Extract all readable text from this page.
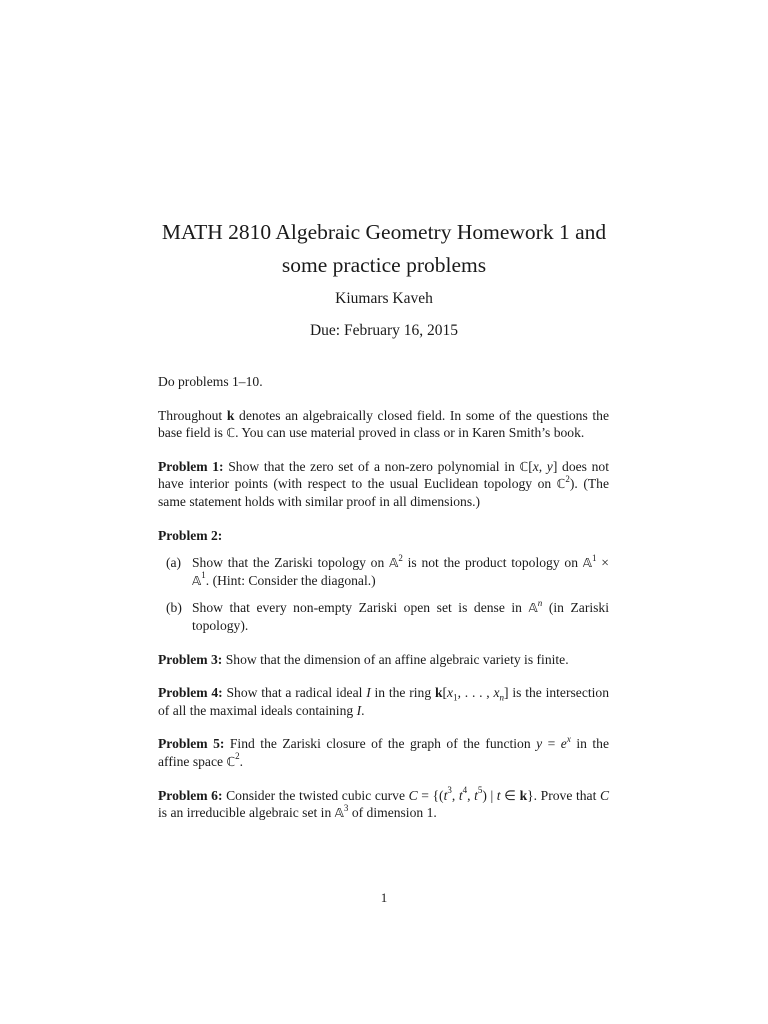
MATH 2810 Algebraic Geometry Homework 1 and
some practice problems
Kiumars Kaveh
Due: February 16, 2015

Do problems 1–10.

Throughout k denotes an algebraically closed field. In some of the questions the base field is ℂ. You can use material proved in class or in Karen Smith’s book.

Problem 1: Show that the zero set of a non-zero polynomial in ℂ[x, y] does not have interior points (with respect to the usual Euclidean topology on ℂ$^2$). (The same statement holds with similar proof in all dimensions.)

Problem 2:

(a) Show that the Zariski topology on 𝔸$^2$ is not the product topology on 𝔸$^1$ × 𝔸$^1$. (Hint: Consider the diagonal.)
(b) Show that every non-empty Zariski open set is dense in 𝔸$^n$ (in Zariski topology).

Problem 3: Show that the dimension of an affine algebraic variety is finite.

Problem 4: Show that a radical ideal I in the ring $k[x_1$, . . . , $x_n$] is the intersection of all the maximal ideals containing I.

Problem 5: Find the Zariski closure of the graph of the function $y = e^x$ in the affine space ℂ$^2$.

Problem 6: Consider the twisted cubic curve $C = \{(t^3$, $t^4$, $t^5$) | t ∈ k}. Prove that C is an irreducible algebraic set in 𝔸$^3$ of dimension 1.

1
